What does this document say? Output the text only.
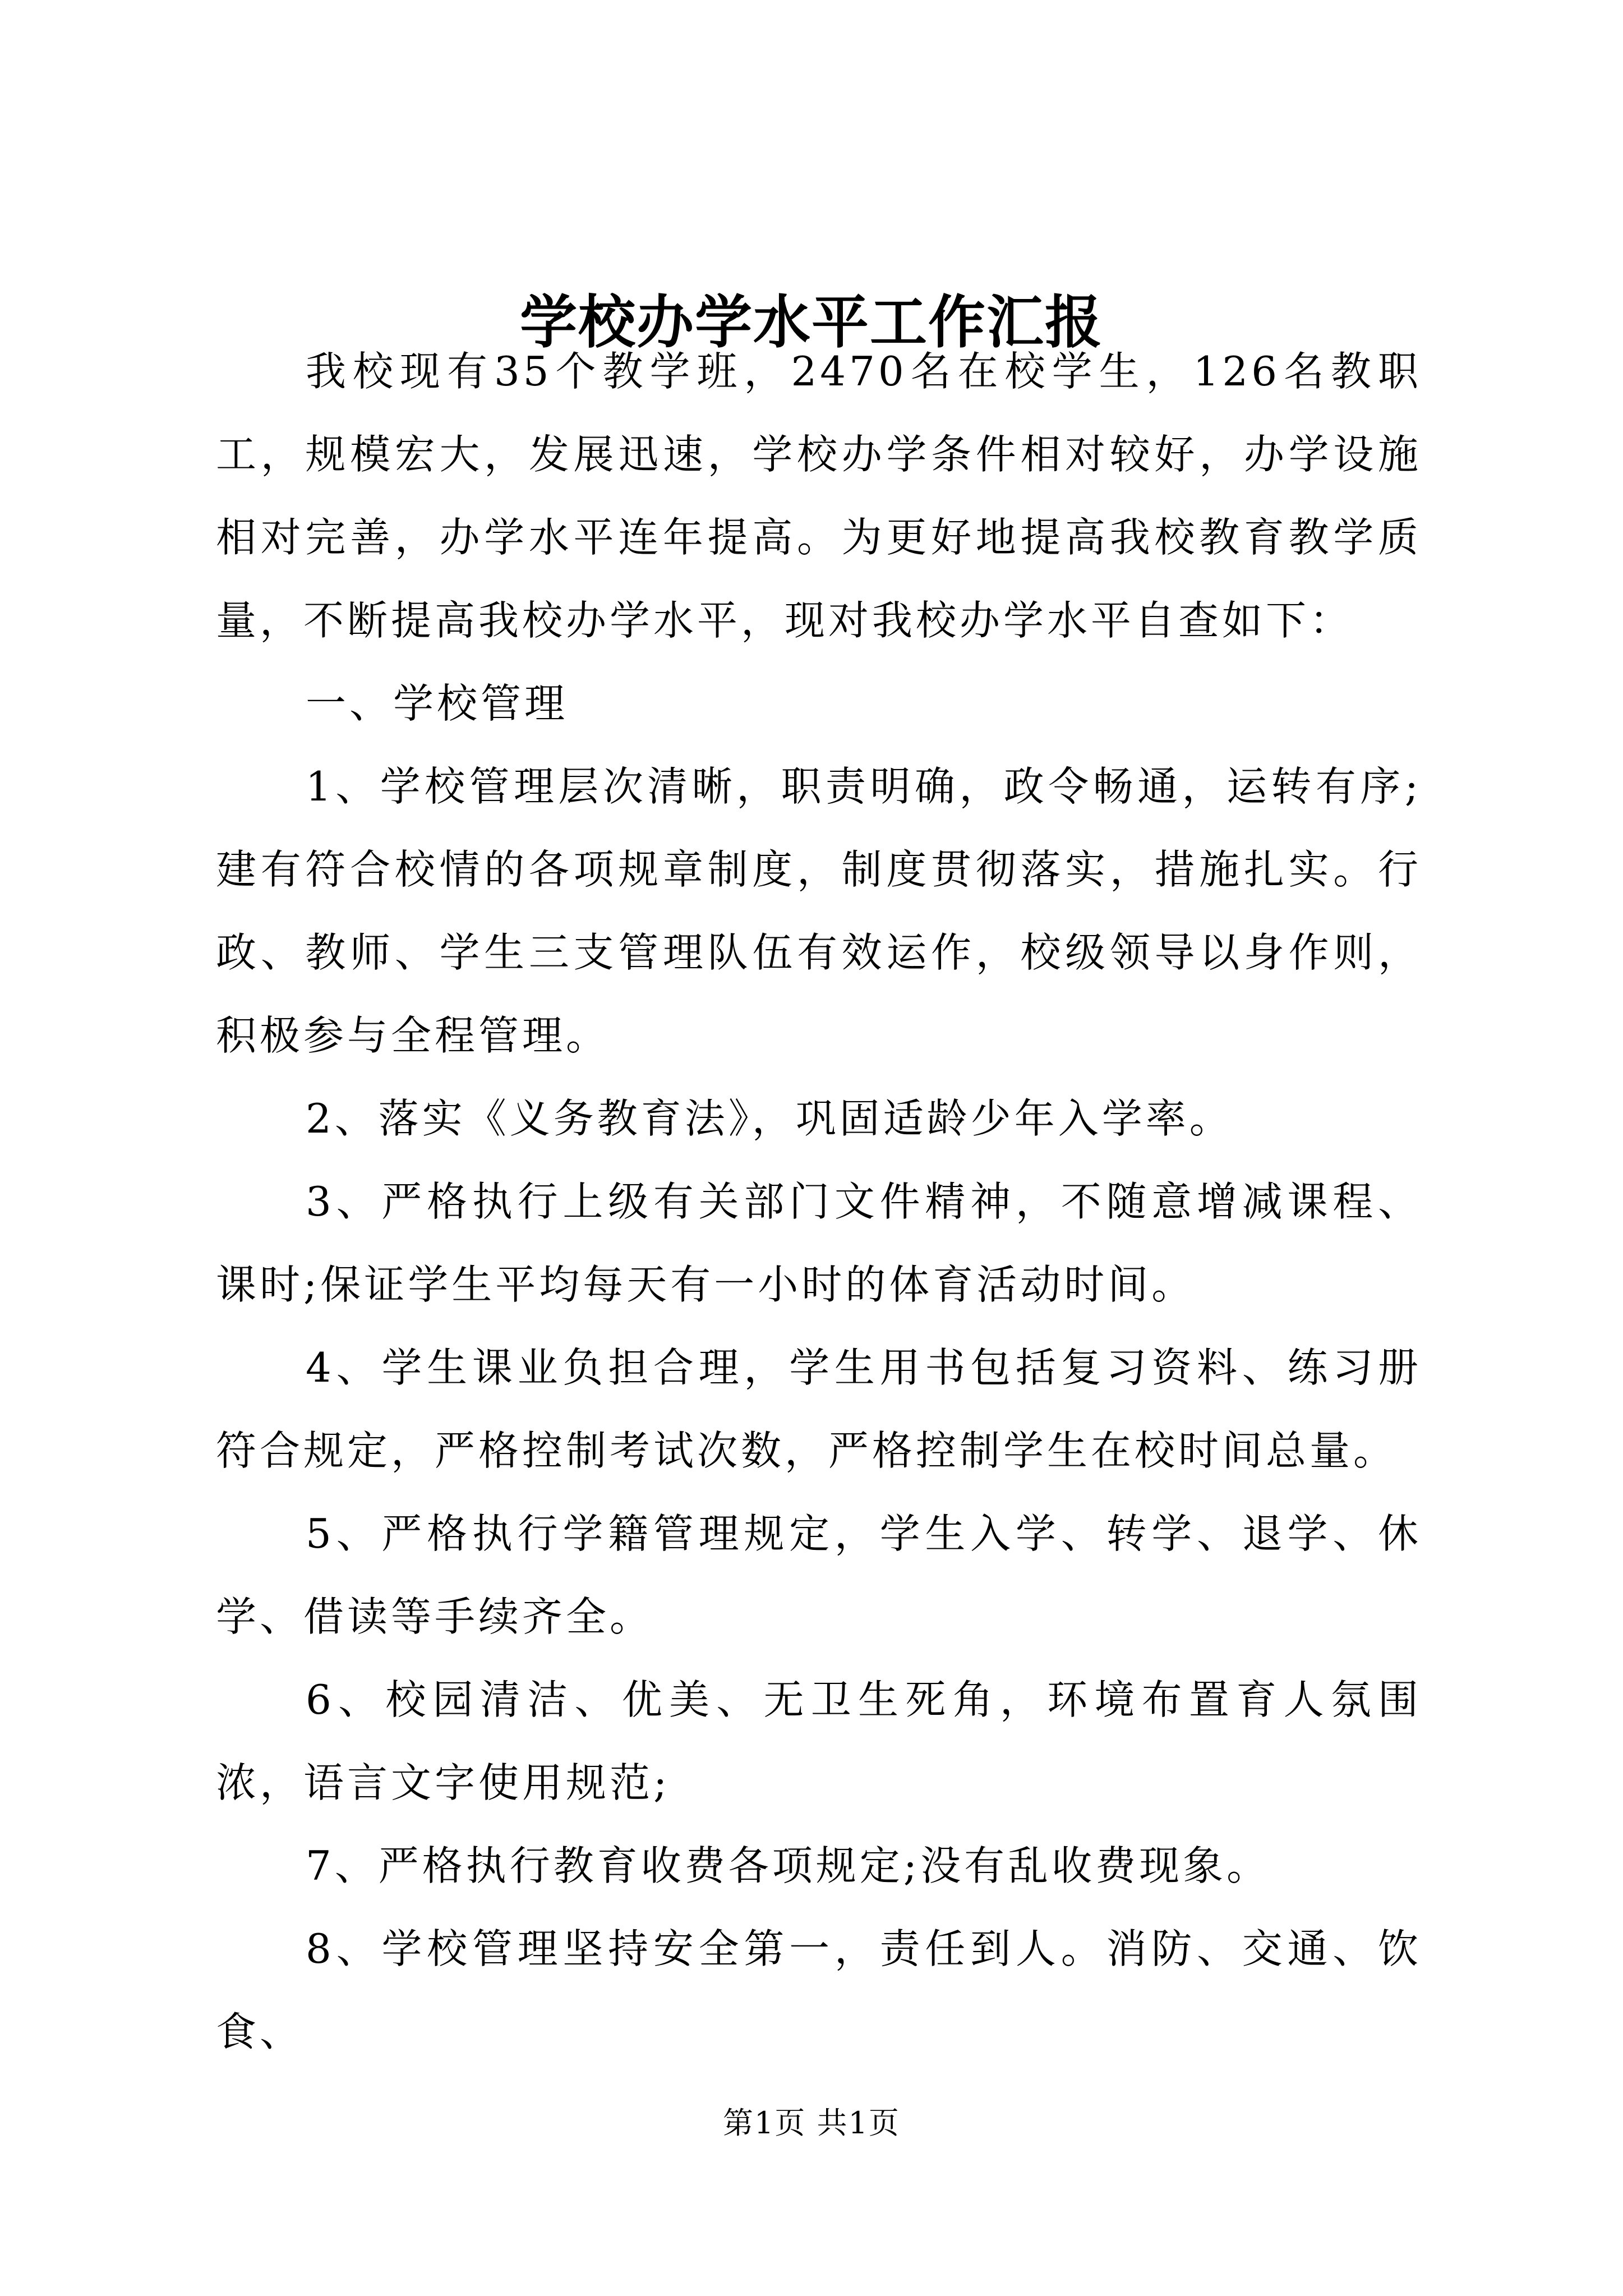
学校办学水平工作汇报

我校现有35个教学班，2470名在校学生，126名教职工，规模宏大，发展迅速，学校办学条件相对较好，办学设施相对完善，办学水平连年提高。为更好地提高我校教育教学质量，不断提高我校办学水平，现对我校办学水平自查如下：

一、学校管理

1、学校管理层次清晰，职责明确，政令畅通，运转有序;建有符合校情的各项规章制度，制度贯彻落实，措施扎实。行政、教师、学生三支管理队伍有效运作，校级领导以身作则，积极参与全程管理。

2、落实《义务教育法》，巩固适龄少年入学率。

3、严格执行上级有关部门文件精神，不随意增减课程、课时;保证学生平均每天有一小时的体育活动时间。

4、学生课业负担合理，学生用书包括复习资料、练习册符合规定，严格控制考试次数，严格控制学生在校时间总量。

5、严格执行学籍管理规定，学生入学、转学、退学、休学、借读等手续齐全。

6、校园清洁、优美、无卫生死角，环境布置育人氛围浓，语言文字使用规范;

7、严格执行教育收费各项规定;没有乱收费现象。

8、学校管理坚持安全第一，责任到人。消防、交通、饮食、

第1页 共1页
